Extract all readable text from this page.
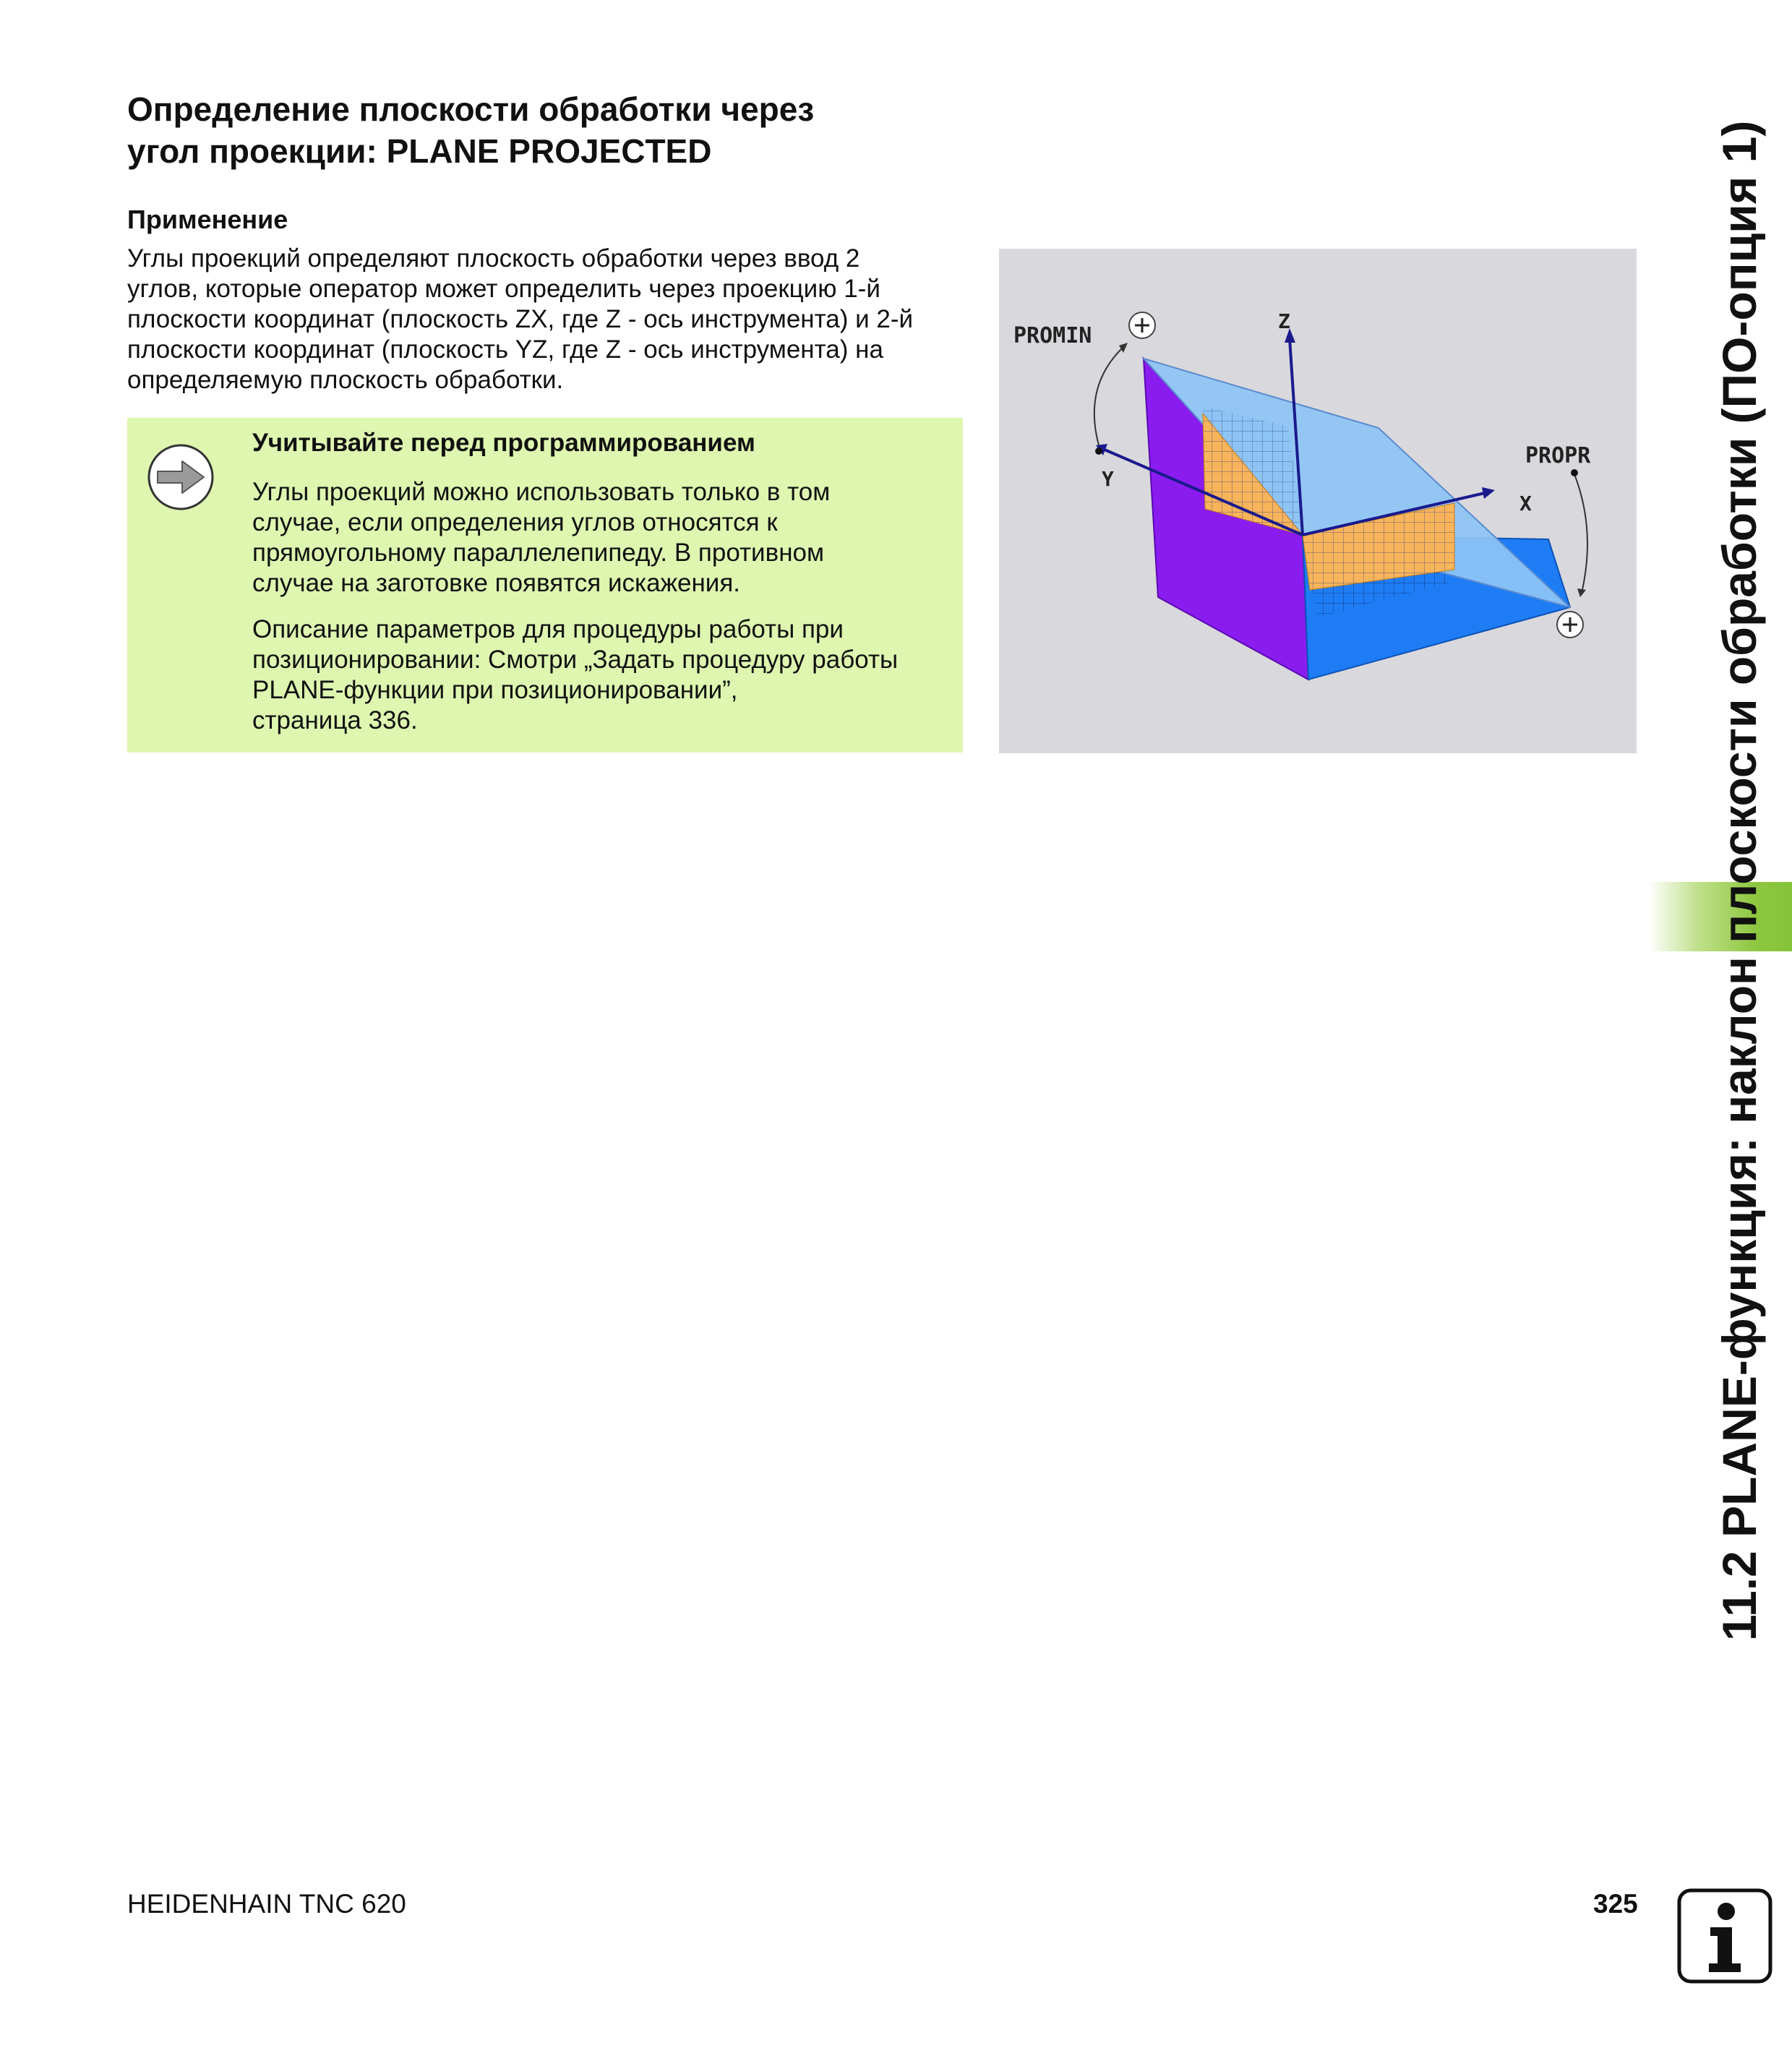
Определение плоскости обработки через
угол проекции: PLANE PROJECTED
Применение
Углы проекций определяют плоскость обработки через ввод 2
углов, которые оператор может определить через проекцию 1-й
плоскости координат (плоскость ZX, где Z - ось инструмента) и 2-й
плоскости координат (плоскость YZ, где Z - ось инструмента) на
определяемую плоскость обработки.
Учитывайте перед программированием
Углы проекций можно использовать только в том
случае, если определения углов относятся к
прямоугольному параллелепипеду. В противном
случае на заготовке появятся искажения.
Описание параметров для процедуры работы при
позиционировании: Смотри „Задать процедуру работы
PLANE-функции при позиционировании”,
страница 336.
PROMIN
PROPR
Z
Y
X	11.2 PLANE-функция: наклон плоскости обработки (ПО-опция 1)
HEIDENHAIN TNC 620	325
